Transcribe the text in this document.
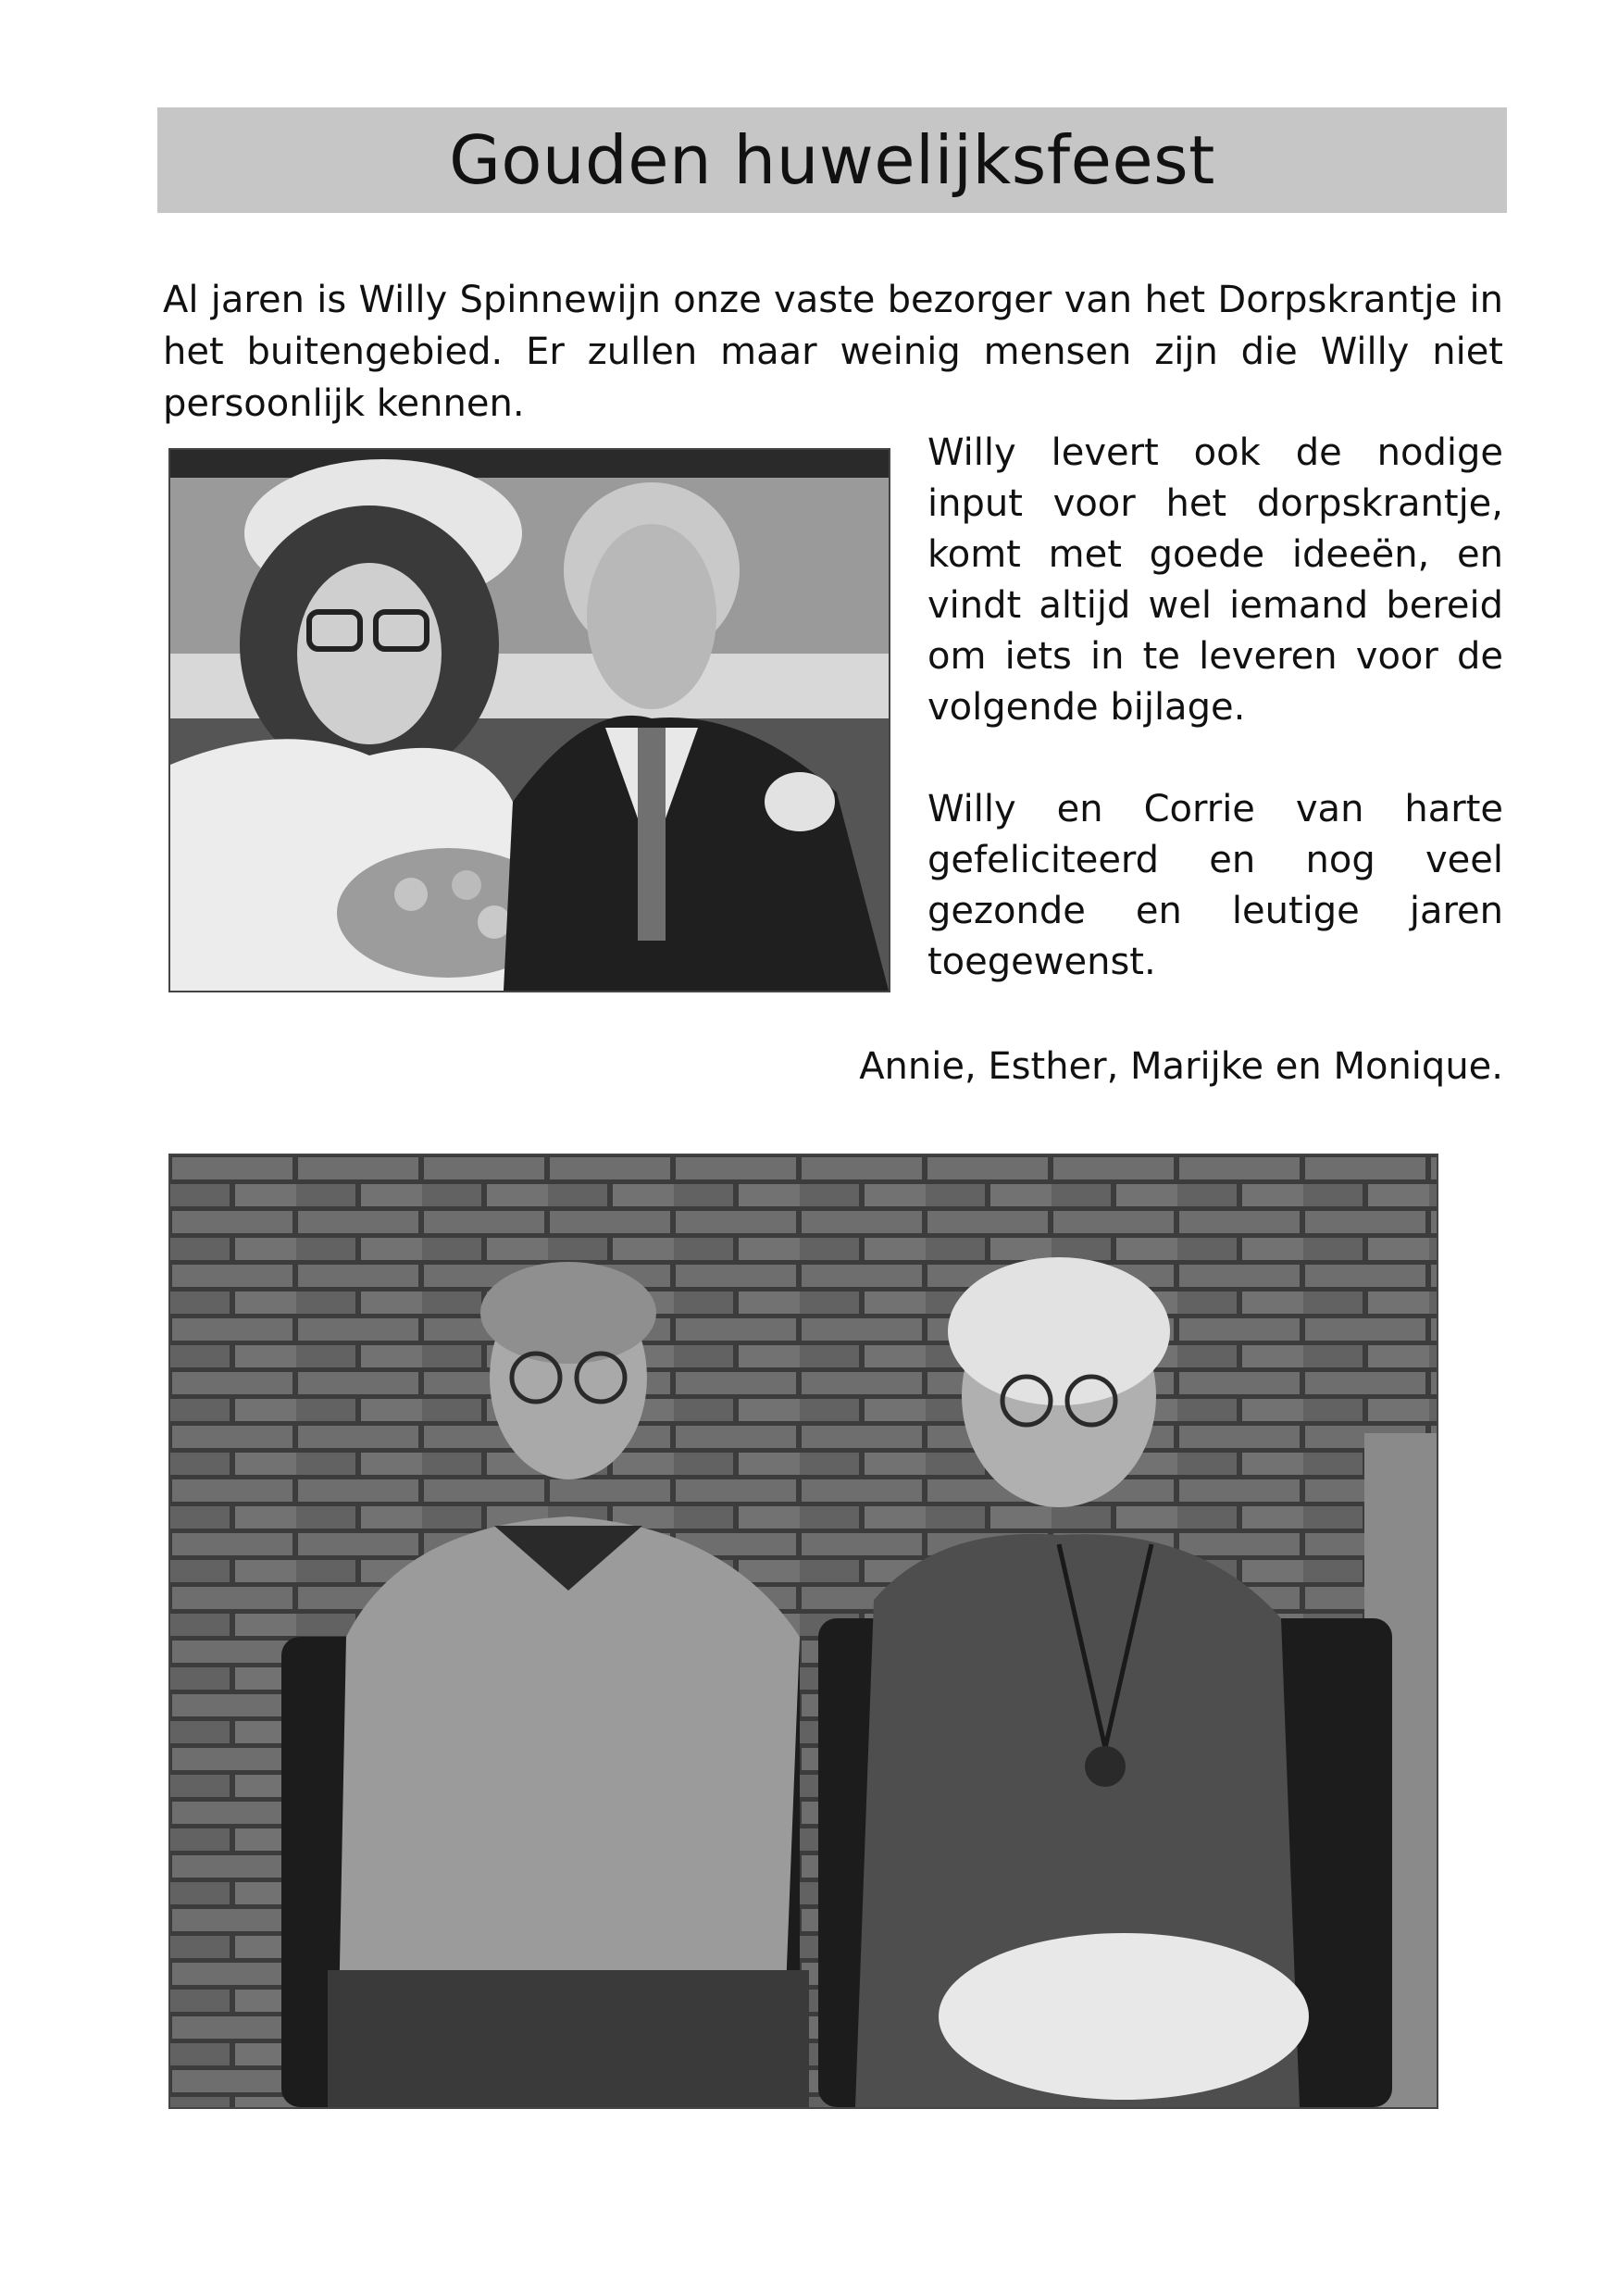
Gouden huwelijksfeest
Al jaren is Willy Spinnewijn onze vaste bezorger van het Dorpskrantje in het buitengebied. Er zullen maar weinig mensen zijn die Willy niet persoonlijk kennen.

Willy levert ook de nodige input voor het dorpskrantje, komt met goede ideeën, en vindt altijd wel iemand bereid om iets in te leveren voor de volgende bijlage.

Willy en Corrie van harte gefeliciteerd en nog veel gezonde en leutige jaren toegewenst.

Annie, Esther, Marijke en Monique.
